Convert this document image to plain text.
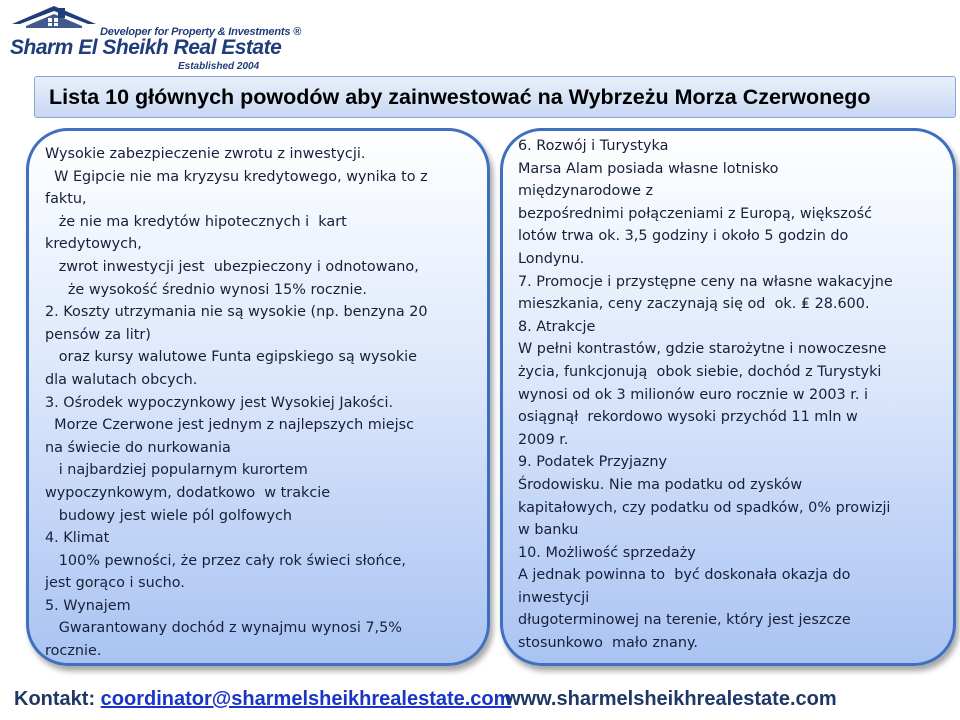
Developer for Property & Investments ®
Sharm El Sheikh Real Estate
Established 2004
Lista 10 głównych powodów aby zainwestować na Wybrzeżu Morza Czerwonego
Wysokie zabezpieczenie zwrotu z inwestycji.
W Egipcie nie ma kryzysu kredytowego, wynika to z
faktu,
że nie ma kredytów hipotecznych i  kart
kredytowych,
zwrot inwestycji jest  ubezpieczony i odnotowano,
że wysokość średnio wynosi 15% rocznie.
2. Koszty utrzymania nie są wysokie (np. benzyna 20
pensów za litr)
oraz kursy walutowe Funta egipskiego są wysokie
dla walutach obcych.
3. Ośrodek wypoczynkowy jest Wysokiej Jakości.
Morze Czerwone jest jednym z najlepszych miejsc
na świecie do nurkowania
i najbardziej popularnym kurortem
wypoczynkowym, dodatkowo  w trakcie
budowy jest wiele pól golfowych
4. Klimat
100% pewności, że przez cały rok świeci słońce,
jest gorąco i sucho.
5. Wynajem
Gwarantowany dochód z wynajmu wynosi 7,5%
rocznie.
6. Rozwój i Turystyka
Marsa Alam posiada własne lotnisko
międzynarodowe z
bezpośrednimi połączeniami z Europą, większość
lotów trwa ok. 3,5 godziny i około 5 godzin do
Londynu.
7. Promocje i przystępne ceny na własne wakacyjne
mieszkania, ceny zaczynają się od  ok. ₤ 28.600.
8. Atrakcje
W pełni kontrastów, gdzie starożytne i nowoczesne
życia, funkcjonują  obok siebie, dochód z Turystyki
wynosi od ok 3 milionów euro rocznie w 2003 r. i
osiągnął  rekordowo wysoki przychód 11 mln w
2009 r.
9. Podatek Przyjazny
Środowisku. Nie ma podatku od zysków
kapitałowych, czy podatku od spadków, 0% prowizji
w banku
10. Możliwość sprzedaży
A jednak powinna to  być doskonała okazja do
inwestycji
długoterminowej na terenie, który jest jeszcze
stosunkowo  mało znany.
Kontakt: coordinator@sharmelsheikhrealestate.com
www.sharmelsheikhrealestate.com
